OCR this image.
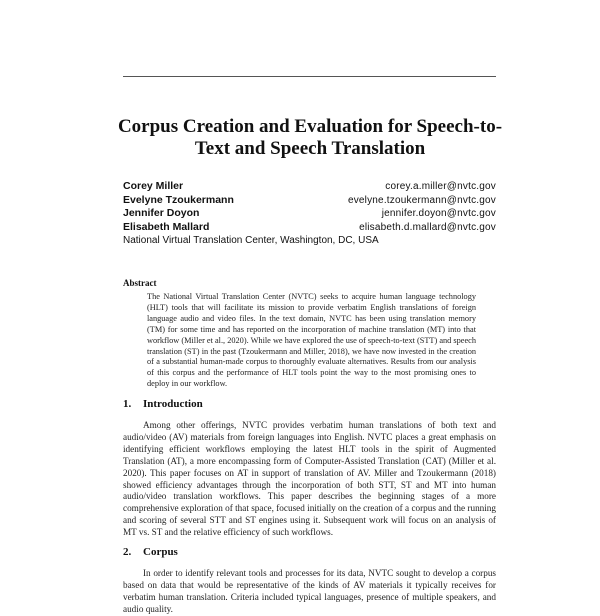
Corpus Creation and Evaluation for Speech-to-Text and Speech Translation
Corey Miller	corey.a.miller@nvtc.gov
Evelyne Tzoukermann	evelyne.tzoukermann@nvtc.gov
Jennifer Doyon	jennifer.doyon@nvtc.gov
Elisabeth Mallard	elisabeth.d.mallard@nvtc.gov
National Virtual Translation Center, Washington, DC, USA
Abstract
The National Virtual Translation Center (NVTC) seeks to acquire human language technology (HLT) tools that will facilitate its mission to provide verbatim English translations of foreign language audio and video files. In the text domain, NVTC has been using translation memory (TM) for some time and has reported on the incorporation of machine translation (MT) into that workflow (Miller et al., 2020). While we have explored the use of speech-to-text (STT) and speech translation (ST) in the past (Tzoukermann and Miller, 2018), we have now invested in the creation of a substantial human-made corpus to thoroughly evaluate alternatives. Results from our analysis of this corpus and the performance of HLT tools point the way to the most promising ones to deploy in our workflow.
1. Introduction
Among other offerings, NVTC provides verbatim human translations of both text and audio/video (AV) materials from foreign languages into English. NVTC places a great emphasis on identifying efficient workflows employing the latest HLT tools in the spirit of Augmented Translation (AT), a more encompassing form of Computer-Assisted Translation (CAT) (Miller et al. 2020). This paper focuses on AT in support of translation of AV. Miller and Tzoukermann (2018) showed efficiency advantages through the incorporation of both STT, ST and MT into human audio/video translation workflows. This paper describes the beginning stages of a more comprehensive exploration of that space, focused initially on the creation of a corpus and the running and scoring of several STT and ST engines using it. Subsequent work will focus on an analysis of MT vs. ST and the relative efficiency of such workflows.
2. Corpus
In order to identify relevant tools and processes for its data, NVTC sought to develop a corpus based on data that would be representative of the kinds of AV materials it typically receives for verbatim human translation. Criteria included typical languages, presence of multiple speakers, and audio quality.
